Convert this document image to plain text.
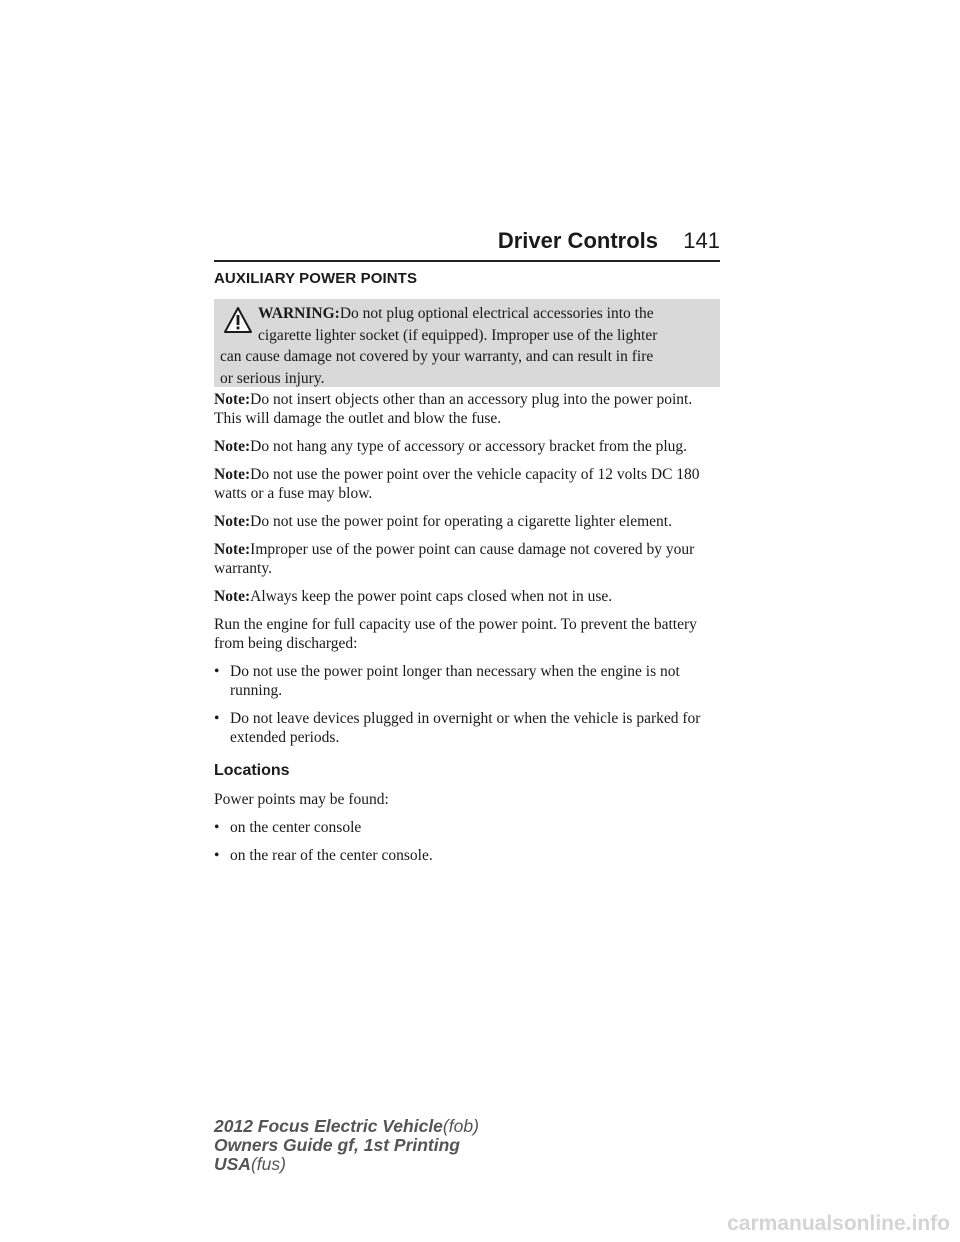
Driver Controls 141
AUXILIARY POWER POINTS
WARNING:Do not plug optional electrical accessories into the
cigarette lighter socket (if equipped). Improper use of the lighter
can cause damage not covered by your warranty, and can result in fire
or serious injury.

Note:Do not insert objects other than an accessory plug into the power point. This will damage the outlet and blow the fuse.

Note:Do not hang any type of accessory or accessory bracket from the plug.

Note:Do not use the power point over the vehicle capacity of 12 volts DC 180 watts or a fuse may blow.

Note:Do not use the power point for operating a cigarette lighter element.

Note:Improper use of the power point can cause damage not covered by your warranty.

Note:Always keep the power point caps closed when not in use.

Run the engine for full capacity use of the power point. To prevent the battery from being discharged:

• Do not use the power point longer than necessary when the engine is not running.
• Do not leave devices plugged in overnight or when the vehicle is parked for extended periods.
Locations

Power points may be found:

• on the center console
• on the rear of the center console.
2012 Focus Electric Vehicle(fob)
Owners Guide gf, 1st Printing
USA(fus)
carmanualsonline.info
